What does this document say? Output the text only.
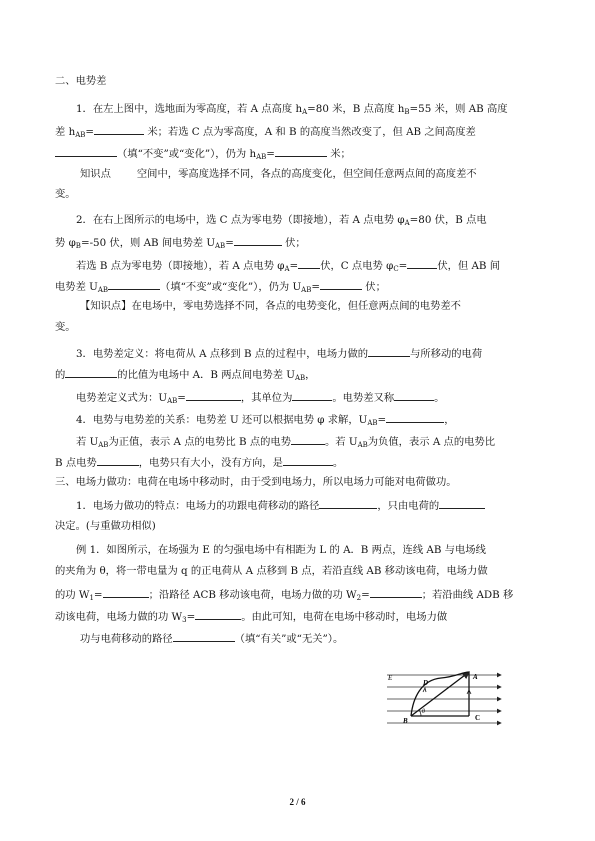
二、电势差
1．在左上图中，选地面为零高度，若 A 点高度 $h_A=80$ 米，B 点高度 $h_B=55$ 米，则 AB 高度
差 $h_{AB}=$	米；若选 C 点为零高度，A 和 B 的高度当然改变了，但 AB 之间高度差
（填“不变”或“变化”），仍为 $h_{AB}=$	米；
知识点	空间中，零高度选择不同，各点的高度变化，但空间任意两点间的高度差不
变。
2．在右上图所示的电场中，选 C 点为零电势（即接地），若 A 点电势 $\varphi_A=80$ 伏，B 点电
势 $\varphi_B=-50$ 伏，则 AB 间电势差 $U_{AB}=$	伏；
若选 B 点为零电势（即接地），若 A 点电势 $\varphi_A=$ 伏，C 点电势 $\varphi_C=$	伏，但 AB 间
电势差 $U_{AB}$	（填“不变”或“变化”），仍为 $U_{AB}=$	伏；
【知识点】在电场中，零电势选择不同，各点的电势变化，但任意两点间的电势差不
变。
3．电势差定义：将电荷从 A 点移到 B 点的过程中，电场力做的	与所移动的电荷
的	的比值为电场中 A．B 两点间电势差 $U_{AB}$，
电势差定义式为：$U_{AB}=$	，其单位为	。电势差又称	。
4．电势与电势差的关系：电势差 U 还可以根据电势 φ 求解，$U_{AB}=$	，
若 $U_{AB}$为正值，表示 A 点的电势比 B 点的电势	。若 $U_{AB}$为负值，表示 A 点的电势比
B 点电势	，电势只有大小，没有方向，是	。
三、电场力做功：电荷在电场中移动时，由于受到电场力，所以电场力可能对电荷做功。
1．电场力做功的特点：电场力的功跟电荷移动的路径	，只由电荷的
决定。(与重做功相似)
例 1．如图所示，在场强为 E 的匀强电场中有相距为 L 的 A．B 两点，连线 AB 与电场线
的夹角为 θ，将一带电量为 q 的正电荷从 A 点移到 B 点，若沿直线 AB 移动该电荷，电场力做
的功 $W_1=$	；沿路径 ACB 移动该电荷，电场力做的功 $W_2=$	；若沿曲线 ADB 移
动该电荷，电场力做的功 $W_3=$	。由此可知，电荷在电场中移动时，电场力做
功与电荷移动的路径	（填“有关”或“无关”）。
E
D
A
B	C
θ
2 / 6
